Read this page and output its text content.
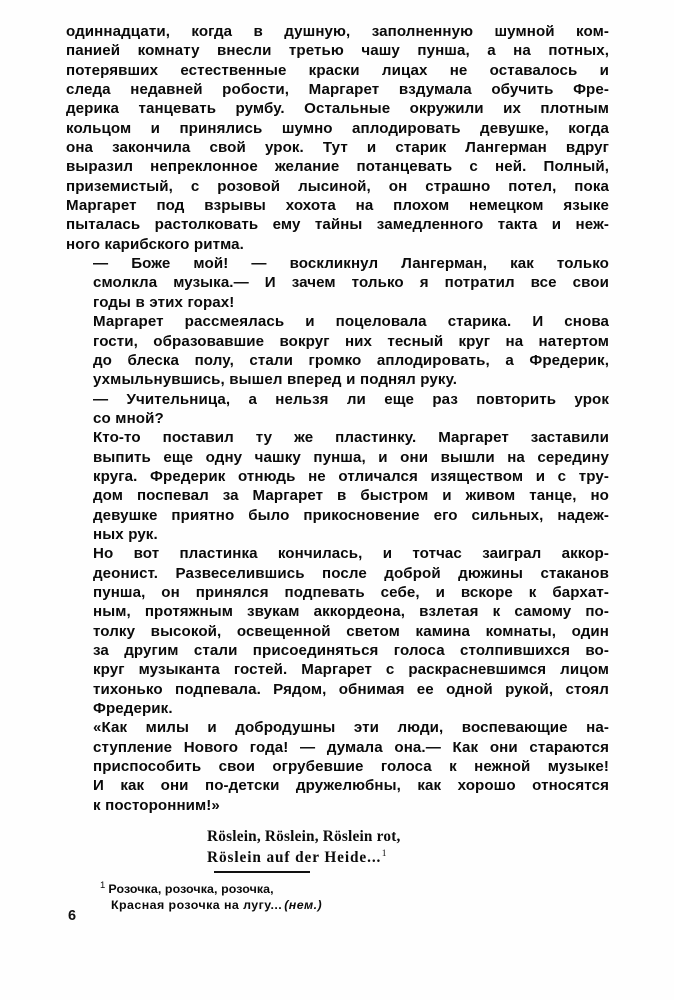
одиннадцати, когда в душную, заполненную шумной ком-
панией комнату внесли третью чашу пунша, а на потных,
потерявших естественные краски лицах не оставалось и
следа недавней робости, Маргарет вздумала обучить Фре-
дерика танцевать румбу. Остальные окружили их плотным
кольцом и принялись шумно аплодировать девушке, когда
она закончила свой урок. Тут и старик Лангерман вдруг
выразил непреклонное желание потанцевать с ней. Полный,
приземистый, с розовой лысиной, он страшно потел, пока
Маргарет под взрывы хохота на плохом немецком языке
пыталась растолковать ему тайны замедленного такта и неж-
ного карибского ритма.

— Боже мой! — воскликнул Лангерман, как только
смолкла музыка.— И зачем только я потратил все свои
годы в этих горах!

Маргарет рассмеялась и поцеловала старика. И снова
гости, образовавшие вокруг них тесный круг на натертом
до блеска полу, стали громко аплодировать, а Фредерик,
ухмыльнувшись, вышел вперед и поднял руку.

— Учительница, а нельзя ли еще раз повторить урок
со мной?

Кто-то поставил ту же пластинку. Маргарет заставили
выпить еще одну чашку пунша, и они вышли на середину
круга. Фредерик отнюдь не отличался изяществом и с тру-
дом поспевал за Маргарет в быстром и живом танце, но
девушке приятно было прикосновение его сильных, надеж-
ных рук.

Но вот пластинка кончилась, и тотчас заиграл аккор-
деонист. Развеселившись после доброй дюжины стаканов
пунша, он принялся подпевать себе, и вскоре к бархат-
ным, протяжным звукам аккордеона, взлетая к самому по-
толку высокой, освещенной светом камина комнаты, один
за другим стали присоединяться голоса столпившихся во-
круг музыканта гостей. Маргарет с раскрасневшимся лицом
тихонько подпевала. Рядом, обнимая ее одной рукой, стоял
Фредерик.

«Как милы и добродушны эти люди, воспевающие на-
ступление Нового года! — думала она.— Как они стараются
приспособить свои огрубевшие голоса к нежной музыке!
И как они по-детски дружелюбны, как хорошо относятся
к посторонним!»

Röslein, Röslein, Röslein rot,
Röslein auf der Heide...$^1$
$^1$ Розочка, розочка, розочка,
Красная розочка на лугу... (нем.)
6
